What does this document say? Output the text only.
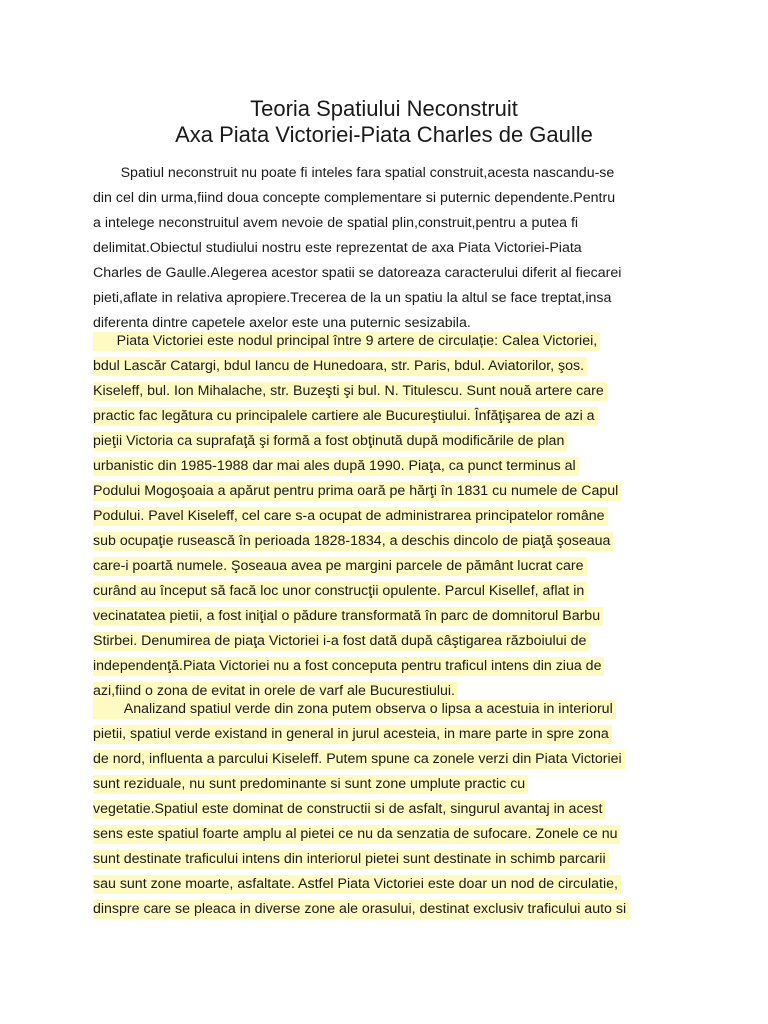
Teoria Spatiului Neconstruit
Axa Piata Victoriei-Piata Charles de Gaulle
Spatiul neconstruit nu poate fi inteles fara spatial construit,acesta nascandu-se
din cel din urma,fiind doua concepte complementare si puternic dependente.Pentru
a intelege neconstruitul avem nevoie de spatial plin,construit,pentru a putea fi
delimitat.Obiectul studiului nostru este reprezentat de axa Piata Victoriei-Piata
Charles de Gaulle.Alegerea acestor spatii se datoreaza caracterului diferit al fiecarei
pieti,aflate in relativa apropiere.Trecerea de la un spatiu la altul se face treptat,insa
diferenta dintre capetele axelor este una puternic sesizabila.
Piata Victoriei este nodul principal între 9 artere de circulație: Calea Victoriei,
bdul Lascăr Catargi, bdul Iancu de Hunedoara, str. Paris, bdul. Aviatorilor, şos.
Kiseleff, bul. Ion Mihalache, str. Buzeşti şi bul. N. Titulescu. Sunt nouă artere care
practic fac legătura cu principalele cartiere ale Bucureştiului. Înfăţişarea de azi a
pieţii Victoria ca suprafaţă şi formă a fost obţinută după modificările de plan
urbanistic din 1985-1988 dar mai ales după 1990. Piaţa, ca punct terminus al
Podului Mogoşoaia a apărut pentru prima oară pe hărţi în 1831 cu numele de Capul
Podului. Pavel Kiseleff, cel care s-a ocupat de administrarea principatelor române
sub ocupaţie rusească în perioada 1828-1834, a deschis dincolo de piaţă şoseaua
care-i poartă numele. Şoseaua avea pe margini parcele de pământ lucrat care
curând au început să facă loc unor construcţii opulente. Parcul Kisellef, aflat in
vecinatatea pietii, a fost iniţial o pădure transformată în parc de domnitorul Barbu
Stirbei. Denumirea de piaţa Victoriei i-a fost dată după câştigarea războiului de
independenţă.Piata Victoriei nu a fost conceputa pentru traficul intens din ziua de
azi,fiind o zona de evitat in orele de varf ale Bucurestiului.
Analizand spatiul verde din zona putem observa o lipsa a acestuia in interiorul
pietii, spatiul verde existand in general in jurul acesteia, in mare parte in spre zona
de nord, influenta a parcului Kiseleff. Putem spune ca zonele verzi din Piata Victoriei
sunt reziduale, nu sunt predominante si sunt zone umplute practic cu
vegetatie.Spatiul este dominat de constructii si de asfalt, singurul avantaj in acest
sens este spatiul foarte amplu al pietei ce nu da senzatia de sufocare. Zonele ce nu
sunt destinate traficului intens din interiorul pietei sunt destinate in schimb parcarii
sau sunt zone moarte, asfaltate. Astfel Piata Victoriei este doar un nod de circulatie,
dinspre care se pleaca in diverse zone ale orasului, destinat exclusiv traficului auto si
